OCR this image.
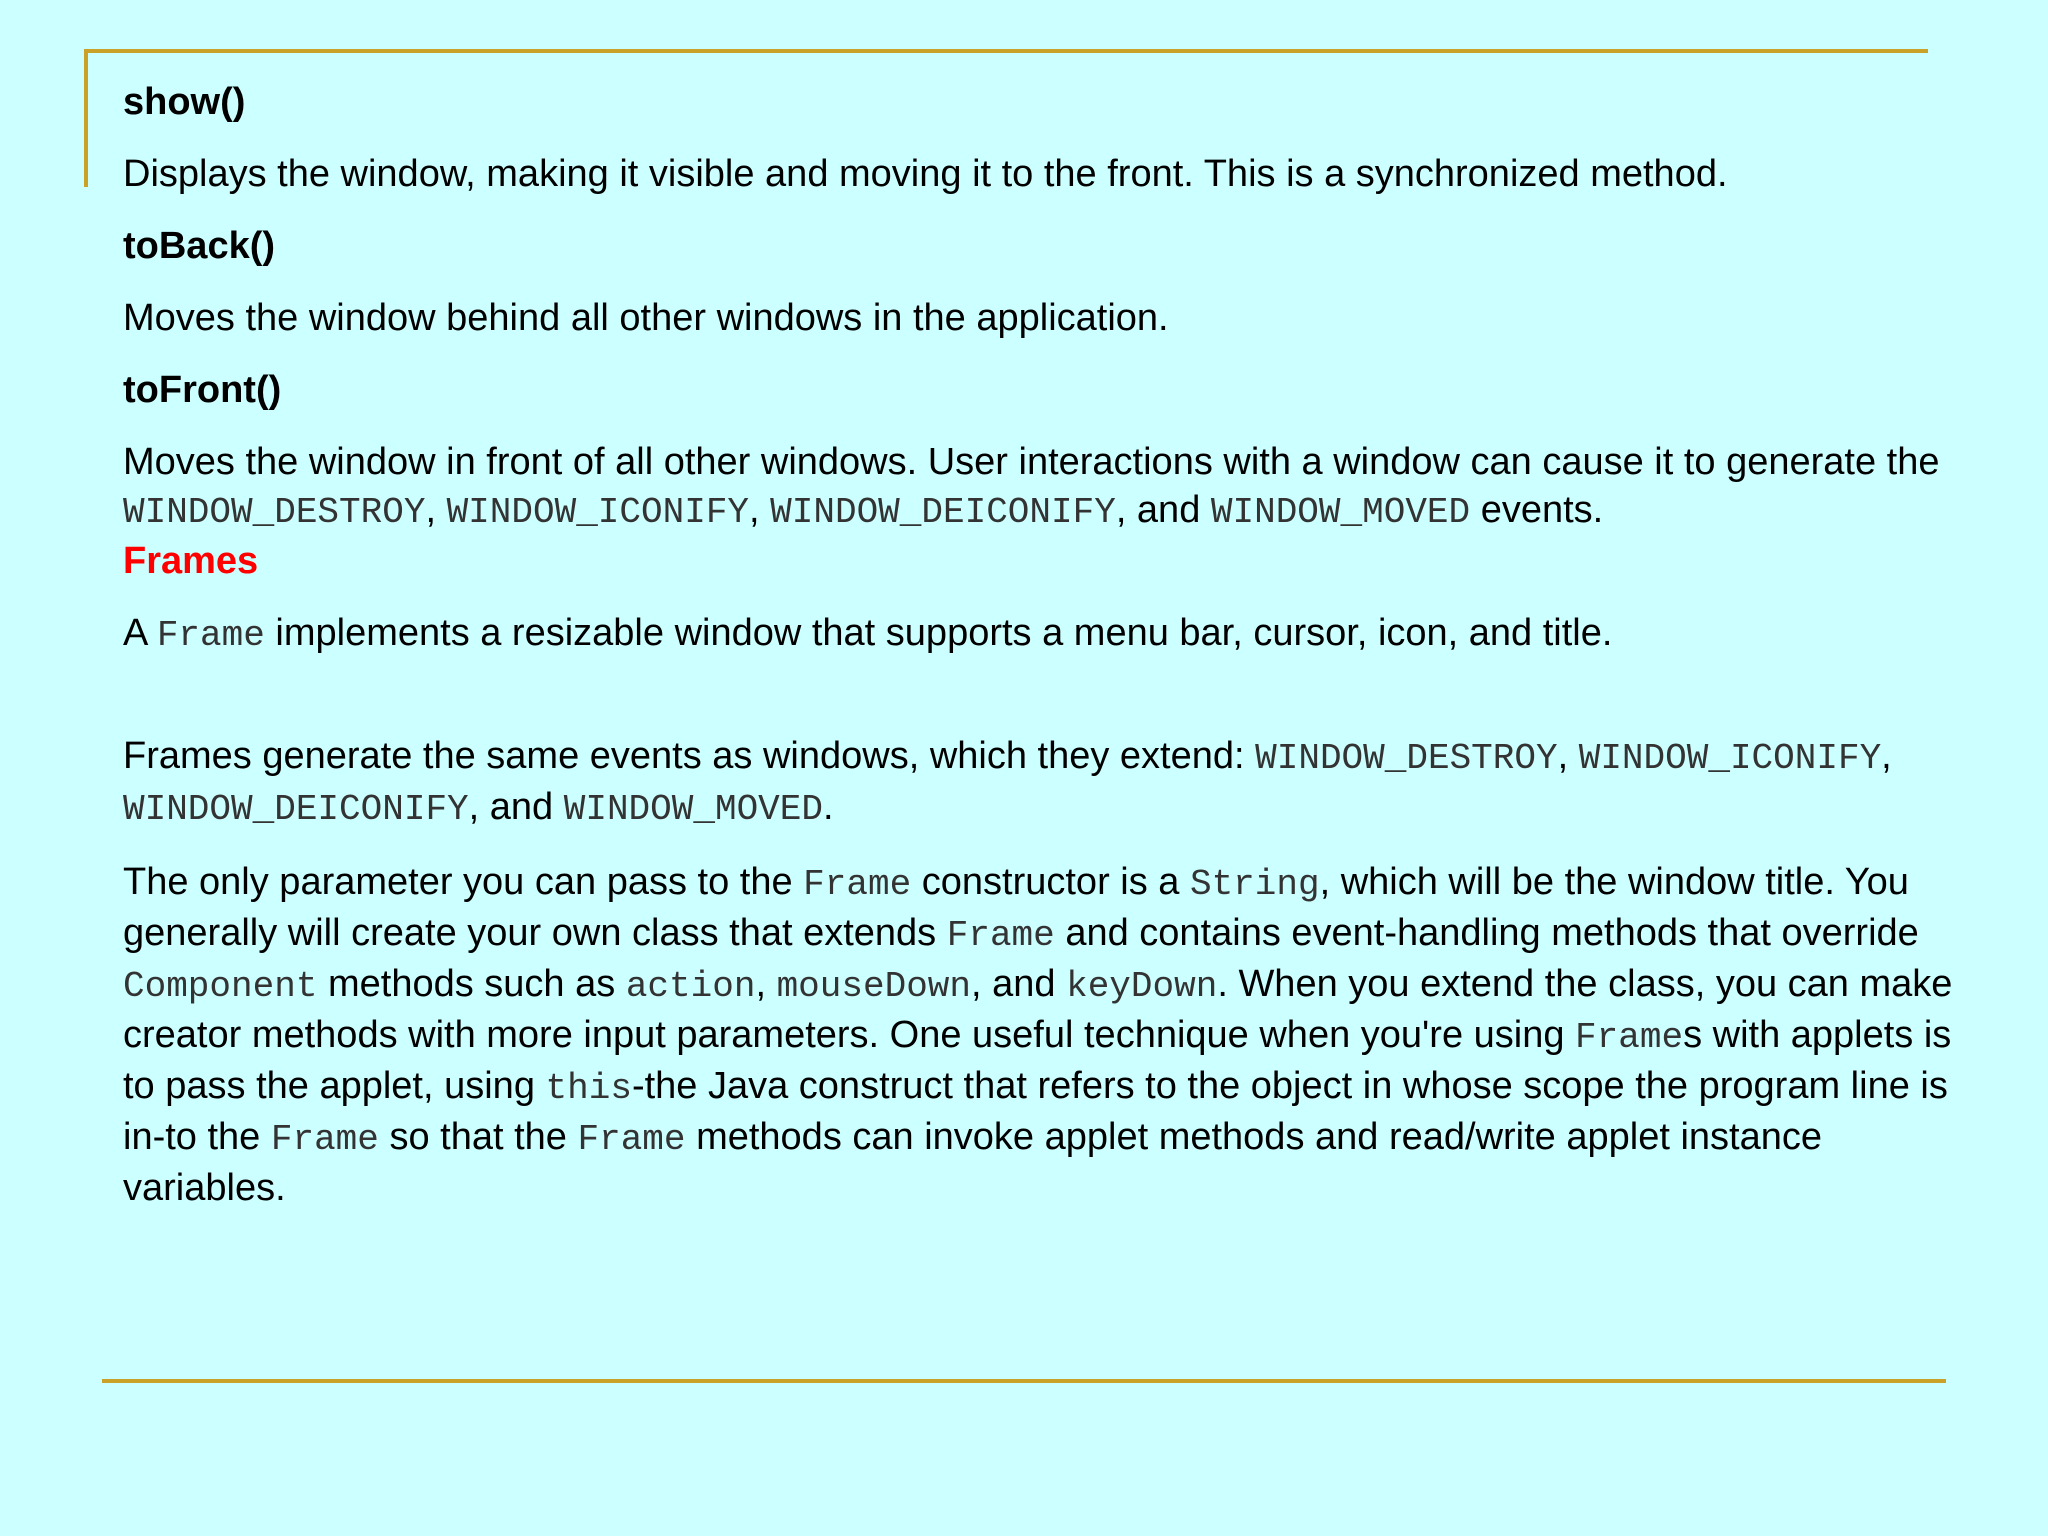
show()

Displays the window, making it visible and moving it to the front. This is a synchronized method.

toBack()

Moves the window behind all other windows in the application.

toFront()

Moves the window in front of all other windows. User interactions with a window can cause it to generate the WINDOW_DESTROY, WINDOW_ICONIFY, WINDOW_DEICONIFY, and WINDOW_MOVED events.

Frames

A Frame implements a resizable window that supports a menu bar, cursor, icon, and title.

Frames generate the same events as windows, which they extend: WINDOW_DESTROY, WINDOW_ICONIFY, WINDOW_DEICONIFY, and WINDOW_MOVED.

The only parameter you can pass to the Frame constructor is a String, which will be the window title. You generally will create your own class that extends Frame and contains event-handling methods that override Component methods such as action, mouseDown, and keyDown. When you extend the class, you can make creator methods with more input parameters. One useful technique when you're using Frames with applets is to pass the applet, using this-the Java construct that refers to the object in whose scope the program line is in-to the Frame so that the Frame methods can invoke applet methods and read/write applet instance variables.
